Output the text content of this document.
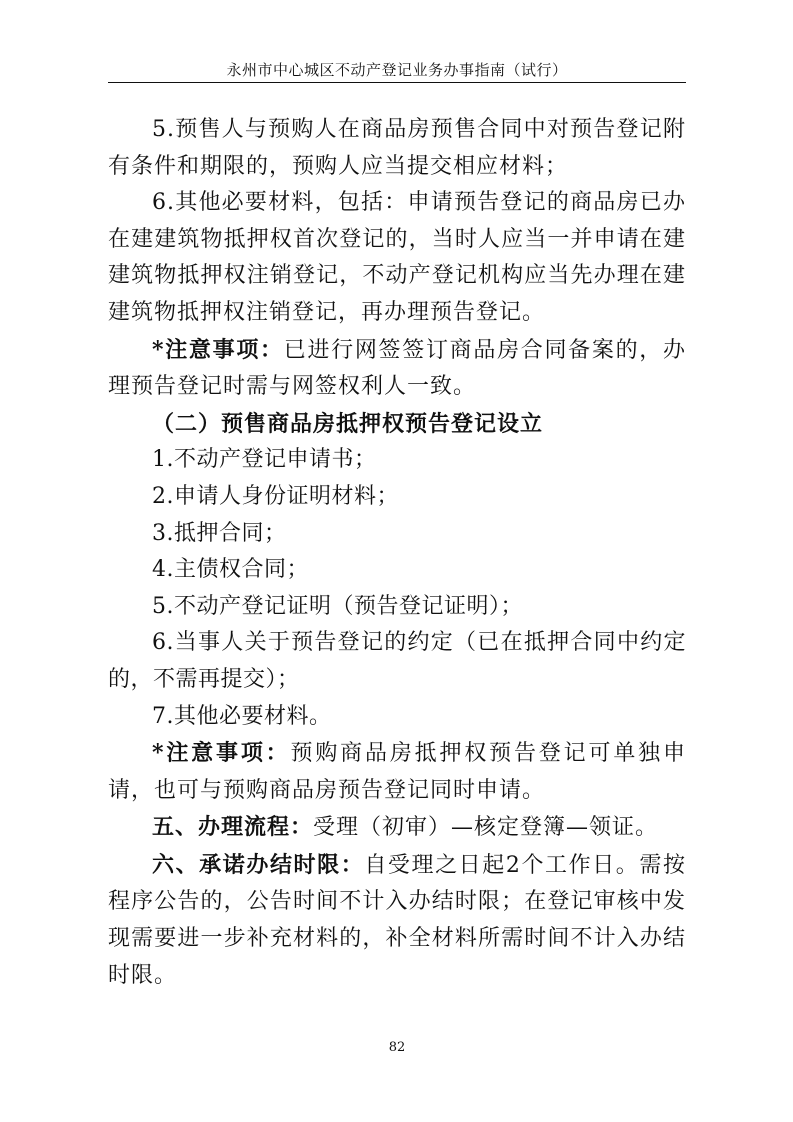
永州市中心城区不动产登记业务办事指南（试行）

5.预售人与预购人在商品房预售合同中对预告登记附有条件和期限的，预购人应当提交相应材料；

6.其他必要材料，包括：申请预告登记的商品房已办在建建筑物抵押权首次登记的，当时人应当一并申请在建建筑物抵押权注销登记，不动产登记机构应当先办理在建建筑物抵押权注销登记，再办理预告登记。

*注意事项：已进行网签签订商品房合同备案的，办理预告登记时需与网签权利人一致。

（二）预售商品房抵押权预告登记设立

1.不动产登记申请书；

2.申请人身份证明材料；

3.抵押合同；

4.主债权合同；

5.不动产登记证明（预告登记证明）；

6.当事人关于预告登记的约定（已在抵押合同中约定的，不需再提交）；

7.其他必要材料。

*注意事项：预购商品房抵押权预告登记可单独申请，也可与预购商品房预告登记同时申请。

五、办理流程：受理（初审）—核定登簿—领证。

六、承诺办结时限：自受理之日起2个工作日。需按程序公告的，公告时间不计入办结时限；在登记审核中发现需要进一步补充材料的，补全材料所需时间不计入办结时限。

82
